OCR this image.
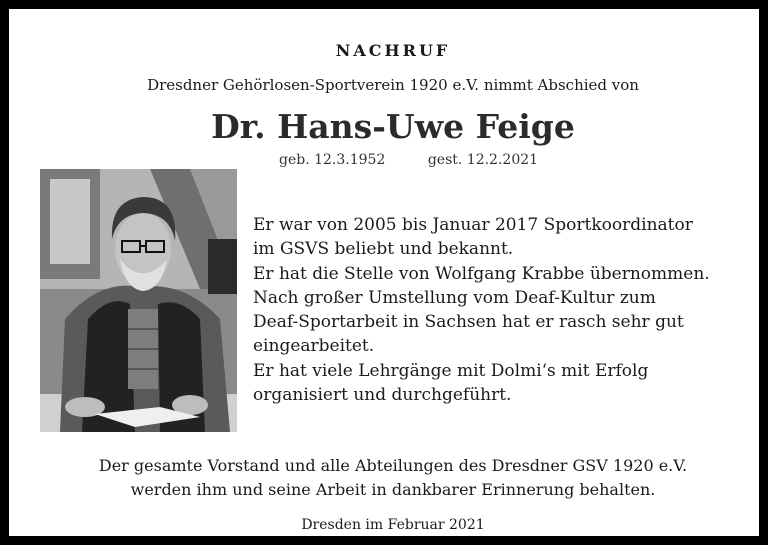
NACHRUF
Dresdner Gehörlosen-Sportverein 1920 e.V. nimmt Abschied von
Dr. Hans-Uwe Feige
geb. 12.3.1952	gest. 12.2.2021
Er war von 2005 bis Januar 2017 Sportkoordinator
im GSVS beliebt und bekannt.
Er hat die Stelle von Wolfgang Krabbe übernommen.
Nach großer Umstellung vom Deaf-Kultur zum
Deaf-Sportarbeit in Sachsen hat er rasch sehr gut
eingearbeitet.
Er hat viele Lehrgänge mit Dolmi‘s mit Erfolg
organisiert und durchgeführt.
Der gesamte Vorstand und alle Abteilungen des Dresdner GSV 1920 e.V.
werden ihm und seine Arbeit in dankbarer Erinnerung behalten.
Dresden im Februar 2021
